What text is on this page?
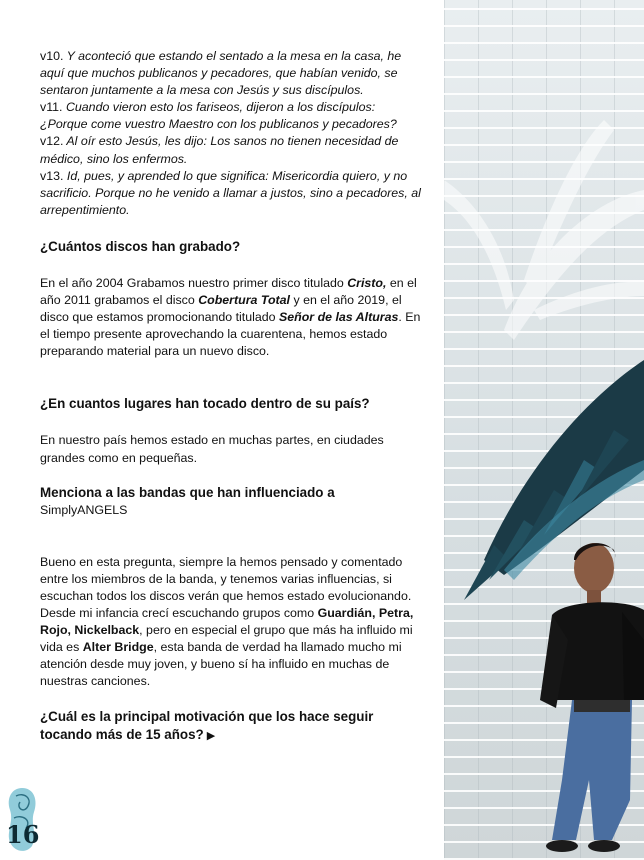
v10. Y aconteció que estando el sentado a la mesa en la casa, he aquí que muchos publicanos y pecadores, que habían venido, se sentaron juntamente a la mesa con Jesús y sus discípulos.

v11. Cuando vieron esto los fariseos, dijeron a los discípulos: ¿Porque come vuestro Maestro con los publicanos y pecadores?

v12. Al oír esto Jesús, les dijo: Los sanos no tienen necesidad de médico, sino los enfermos.

v13. Id, pues, y aprended lo que significa: Misericordia quiero, y no sacrificio. Porque no he venido a llamar a justos, sino a pecadores, al arrepentimiento.

¿Cuántos discos han grabado?

En el año 2004 Grabamos nuestro primer disco titulado Cristo, en el año 2011 grabamos el disco Cobertura Total y en el año 2019, el disco que estamos promocionando titulado Señor de las Alturas. En el tiempo presente aprovechando la cuarentena, hemos estado preparando material para un nuevo disco.

¿En cuantos lugares han tocado dentro de su país?

En nuestro país hemos estado en muchas partes, en ciudades grandes como en pequeñas.

Menciona a las bandas que han influenciado a
SimplyANGELS

Bueno en esta pregunta, siempre la hemos pensado y comentado entre los miembros de la banda, y tenemos varias influencias, si escuchan todos los discos verán que hemos estado evolucionando.

Desde mi infancia crecí escuchando grupos como Guardián, Petra, Rojo, Nickelback, pero en especial el grupo que más ha influido mi vida es Alter Bridge, esta banda de verdad ha llamado mucho mi atención desde muy joven, y bueno sí ha influido en muchas de nuestras canciones.

¿Cuál es la principal motivación que los hace seguir tocando más de 15 años? ▶

16
